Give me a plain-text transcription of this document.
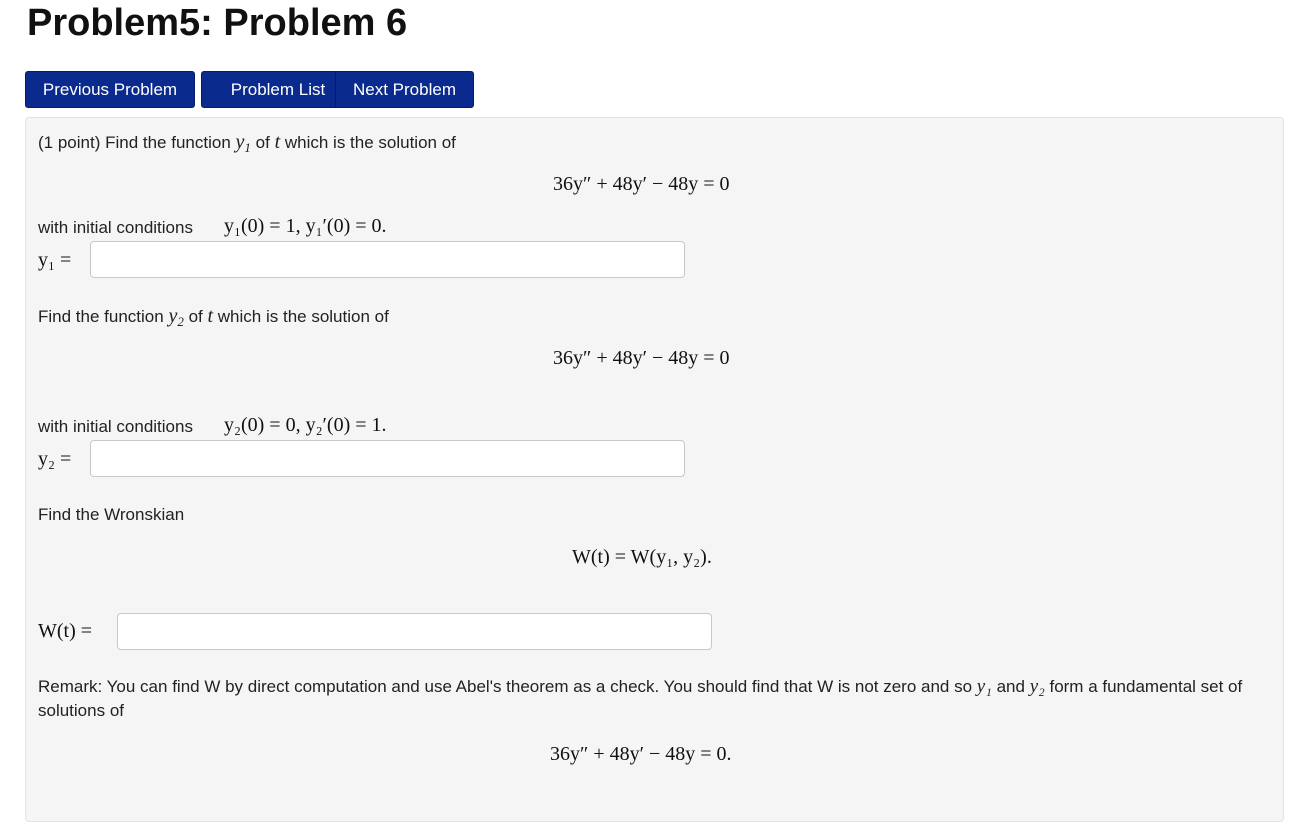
Problem5: Problem 6
Previous Problem	Problem List	Next Problem
(1 point) Find the function $y_1$ of t which is the solution of
36y″ + 48y′ − 48y = 0
with initial conditions y₁(0) = 1, y₁′(0) = 0.
y₁ =
Find the function $y_2$ of t which is the solution of
36y″ + 48y′ − 48y = 0
with initial conditions y₂(0) = 0, y₂′(0) = 1.
y₂ =
Find the Wronskian
W(t) = W(y₁, y₂).
W(t) =
Remark: You can find W by direct computation and use Abel's theorem as a check. You should find that W is not zero and so y₁ and y₂ form a fundamental set of solutions of
36y″ + 48y′ − 48y = 0.
